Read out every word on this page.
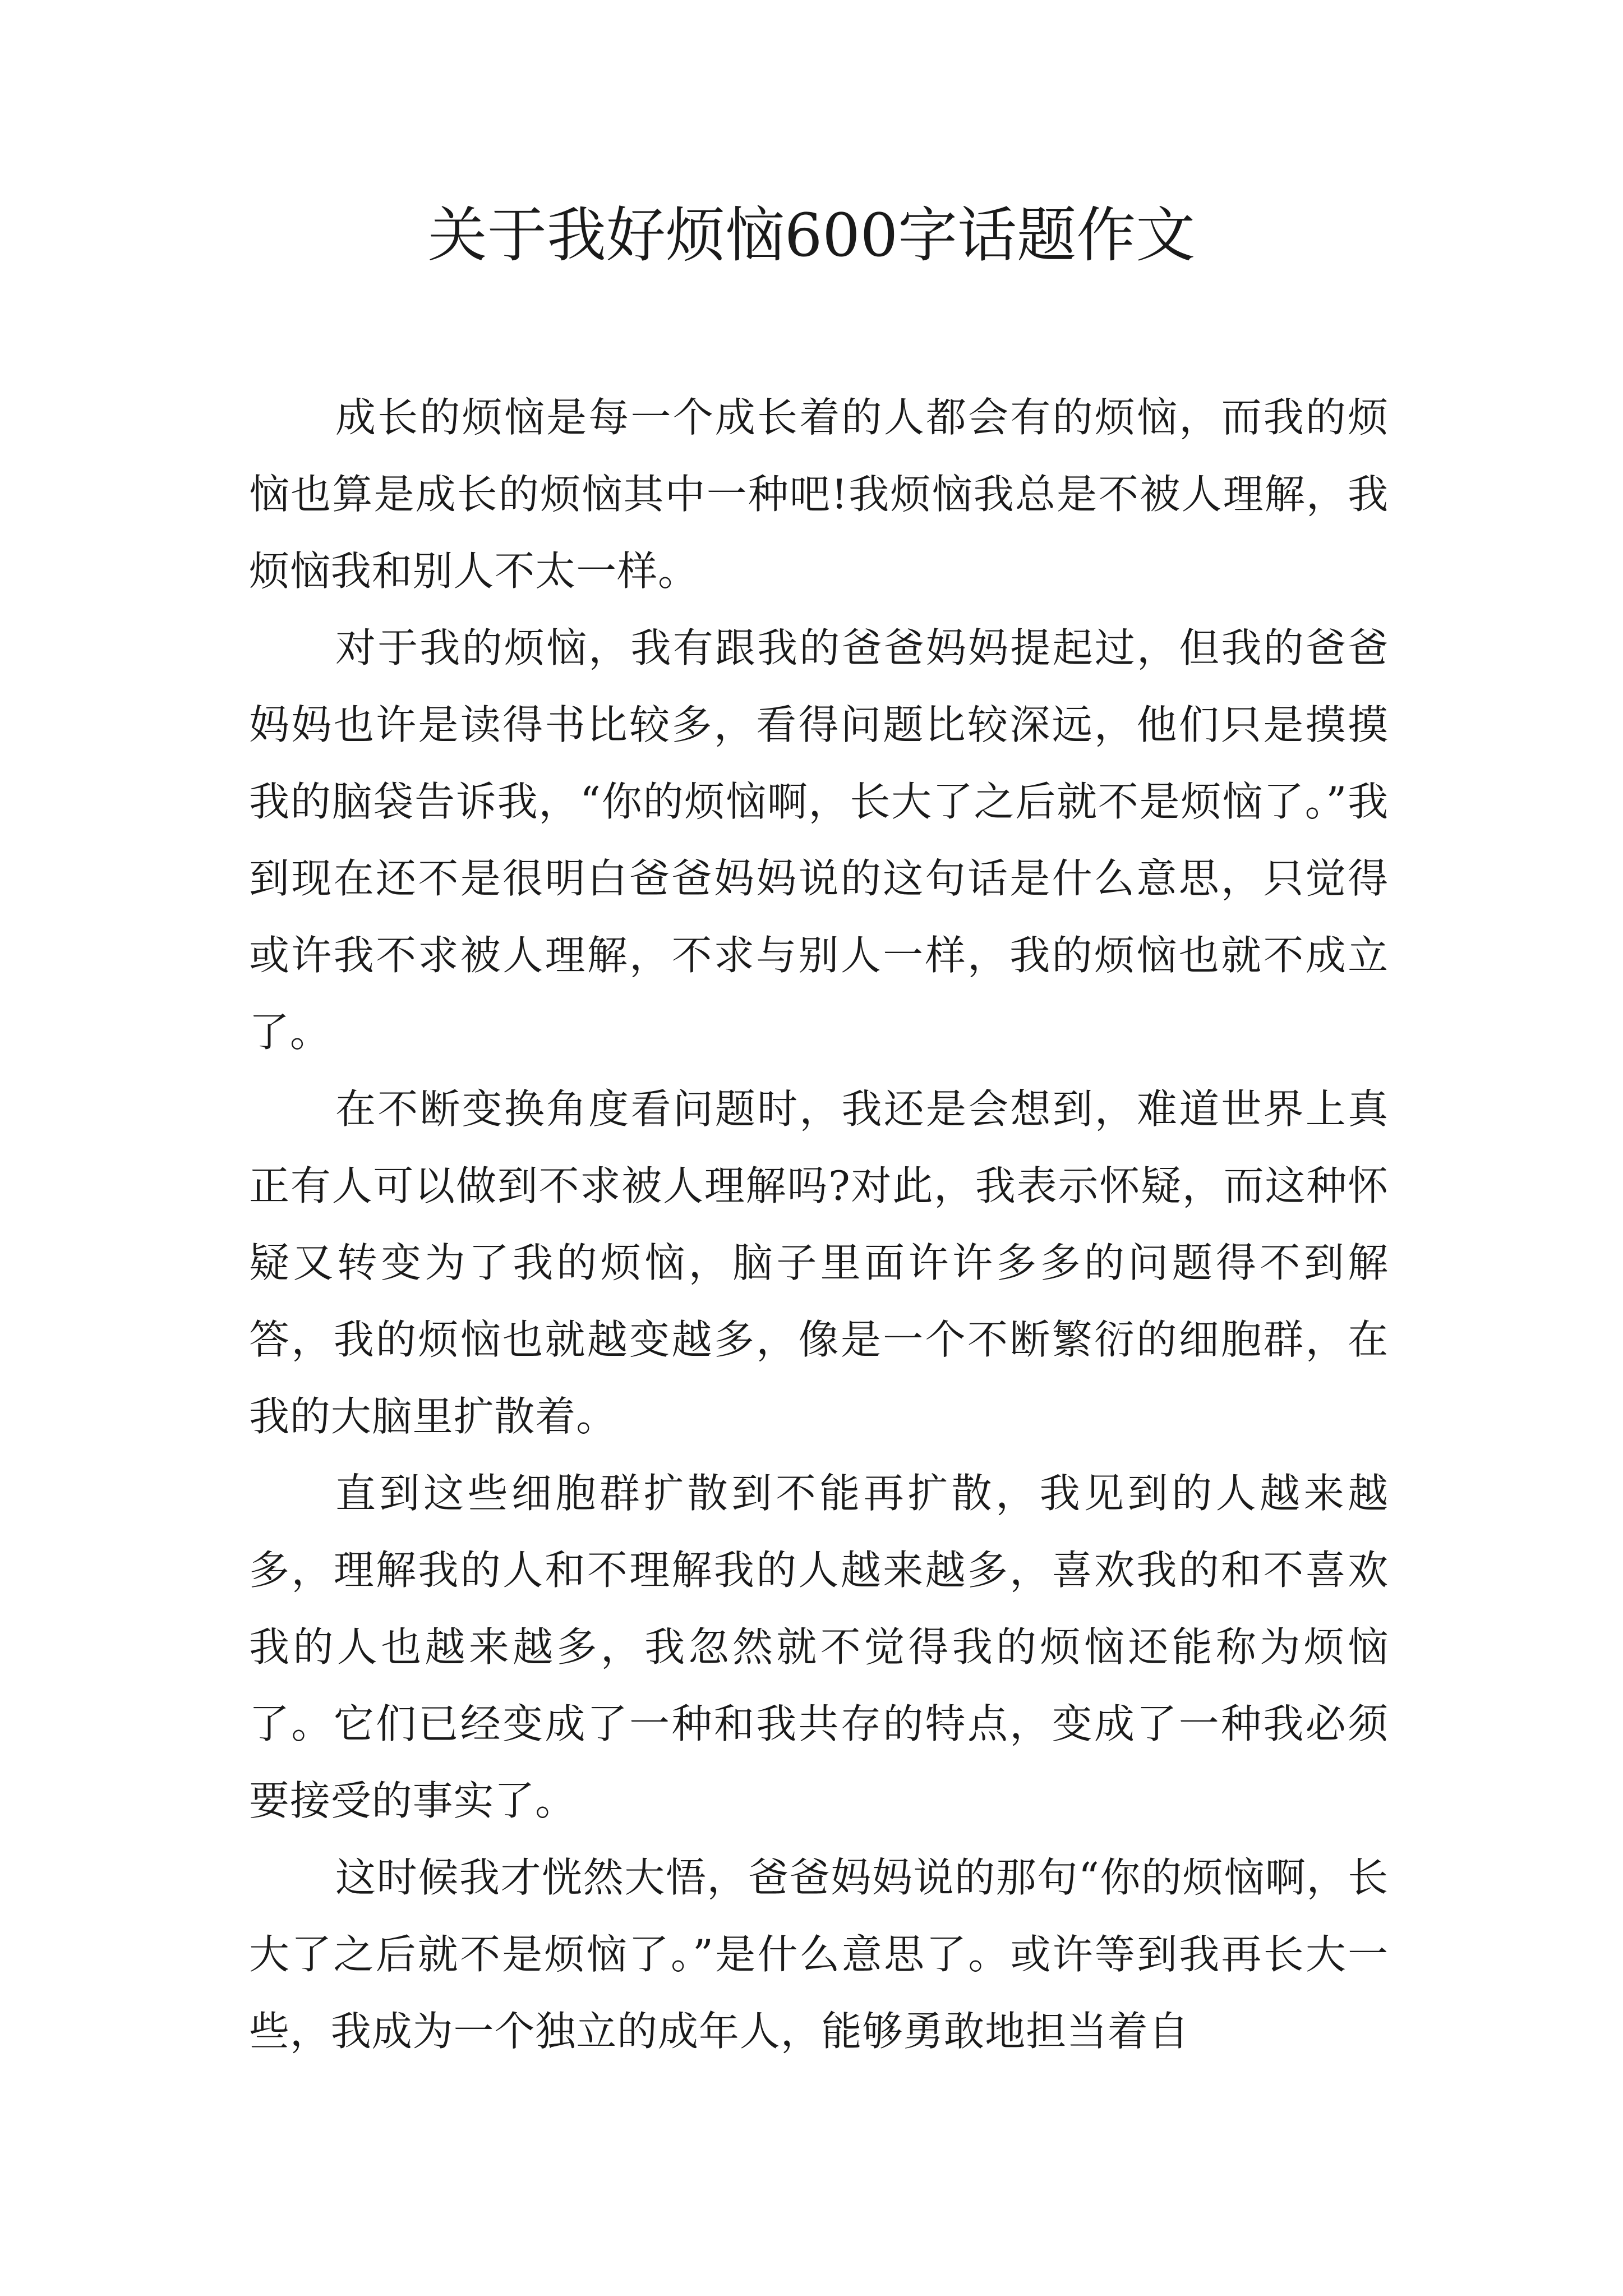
关于我好烦恼600字话题作文

成长的烦恼是每一个成长着的人都会有的烦恼，而我的烦恼也算是成长的烦恼其中一种吧!我烦恼我总是不被人理解，我烦恼我和别人不太一样。

对于我的烦恼，我有跟我的爸爸妈妈提起过，但我的爸爸妈妈也许是读得书比较多，看得问题比较深远，他们只是摸摸我的脑袋告诉我，“你的烦恼啊，长大了之后就不是烦恼了。”我到现在还不是很明白爸爸妈妈说的这句话是什么意思，只觉得或许我不求被人理解，不求与别人一样，我的烦恼也就不成立了。

在不断变换角度看问题时，我还是会想到，难道世界上真正有人可以做到不求被人理解吗?对此，我表示怀疑，而这种怀疑又转变为了我的烦恼，脑子里面许许多多的问题得不到解答，我的烦恼也就越变越多，像是一个不断繁衍的细胞群，在我的大脑里扩散着。

直到这些细胞群扩散到不能再扩散，我见到的人越来越多，理解我的人和不理解我的人越来越多，喜欢我的和不喜欢我的人也越来越多，我忽然就不觉得我的烦恼还能称为烦恼了。它们已经变成了一种和我共存的特点，变成了一种我必须要接受的事实了。

这时候我才恍然大悟，爸爸妈妈说的那句“你的烦恼啊，长大了之后就不是烦恼了。”是什么意思了。或许等到我再长大一些，我成为一个独立的成年人，能够勇敢地担当着自
